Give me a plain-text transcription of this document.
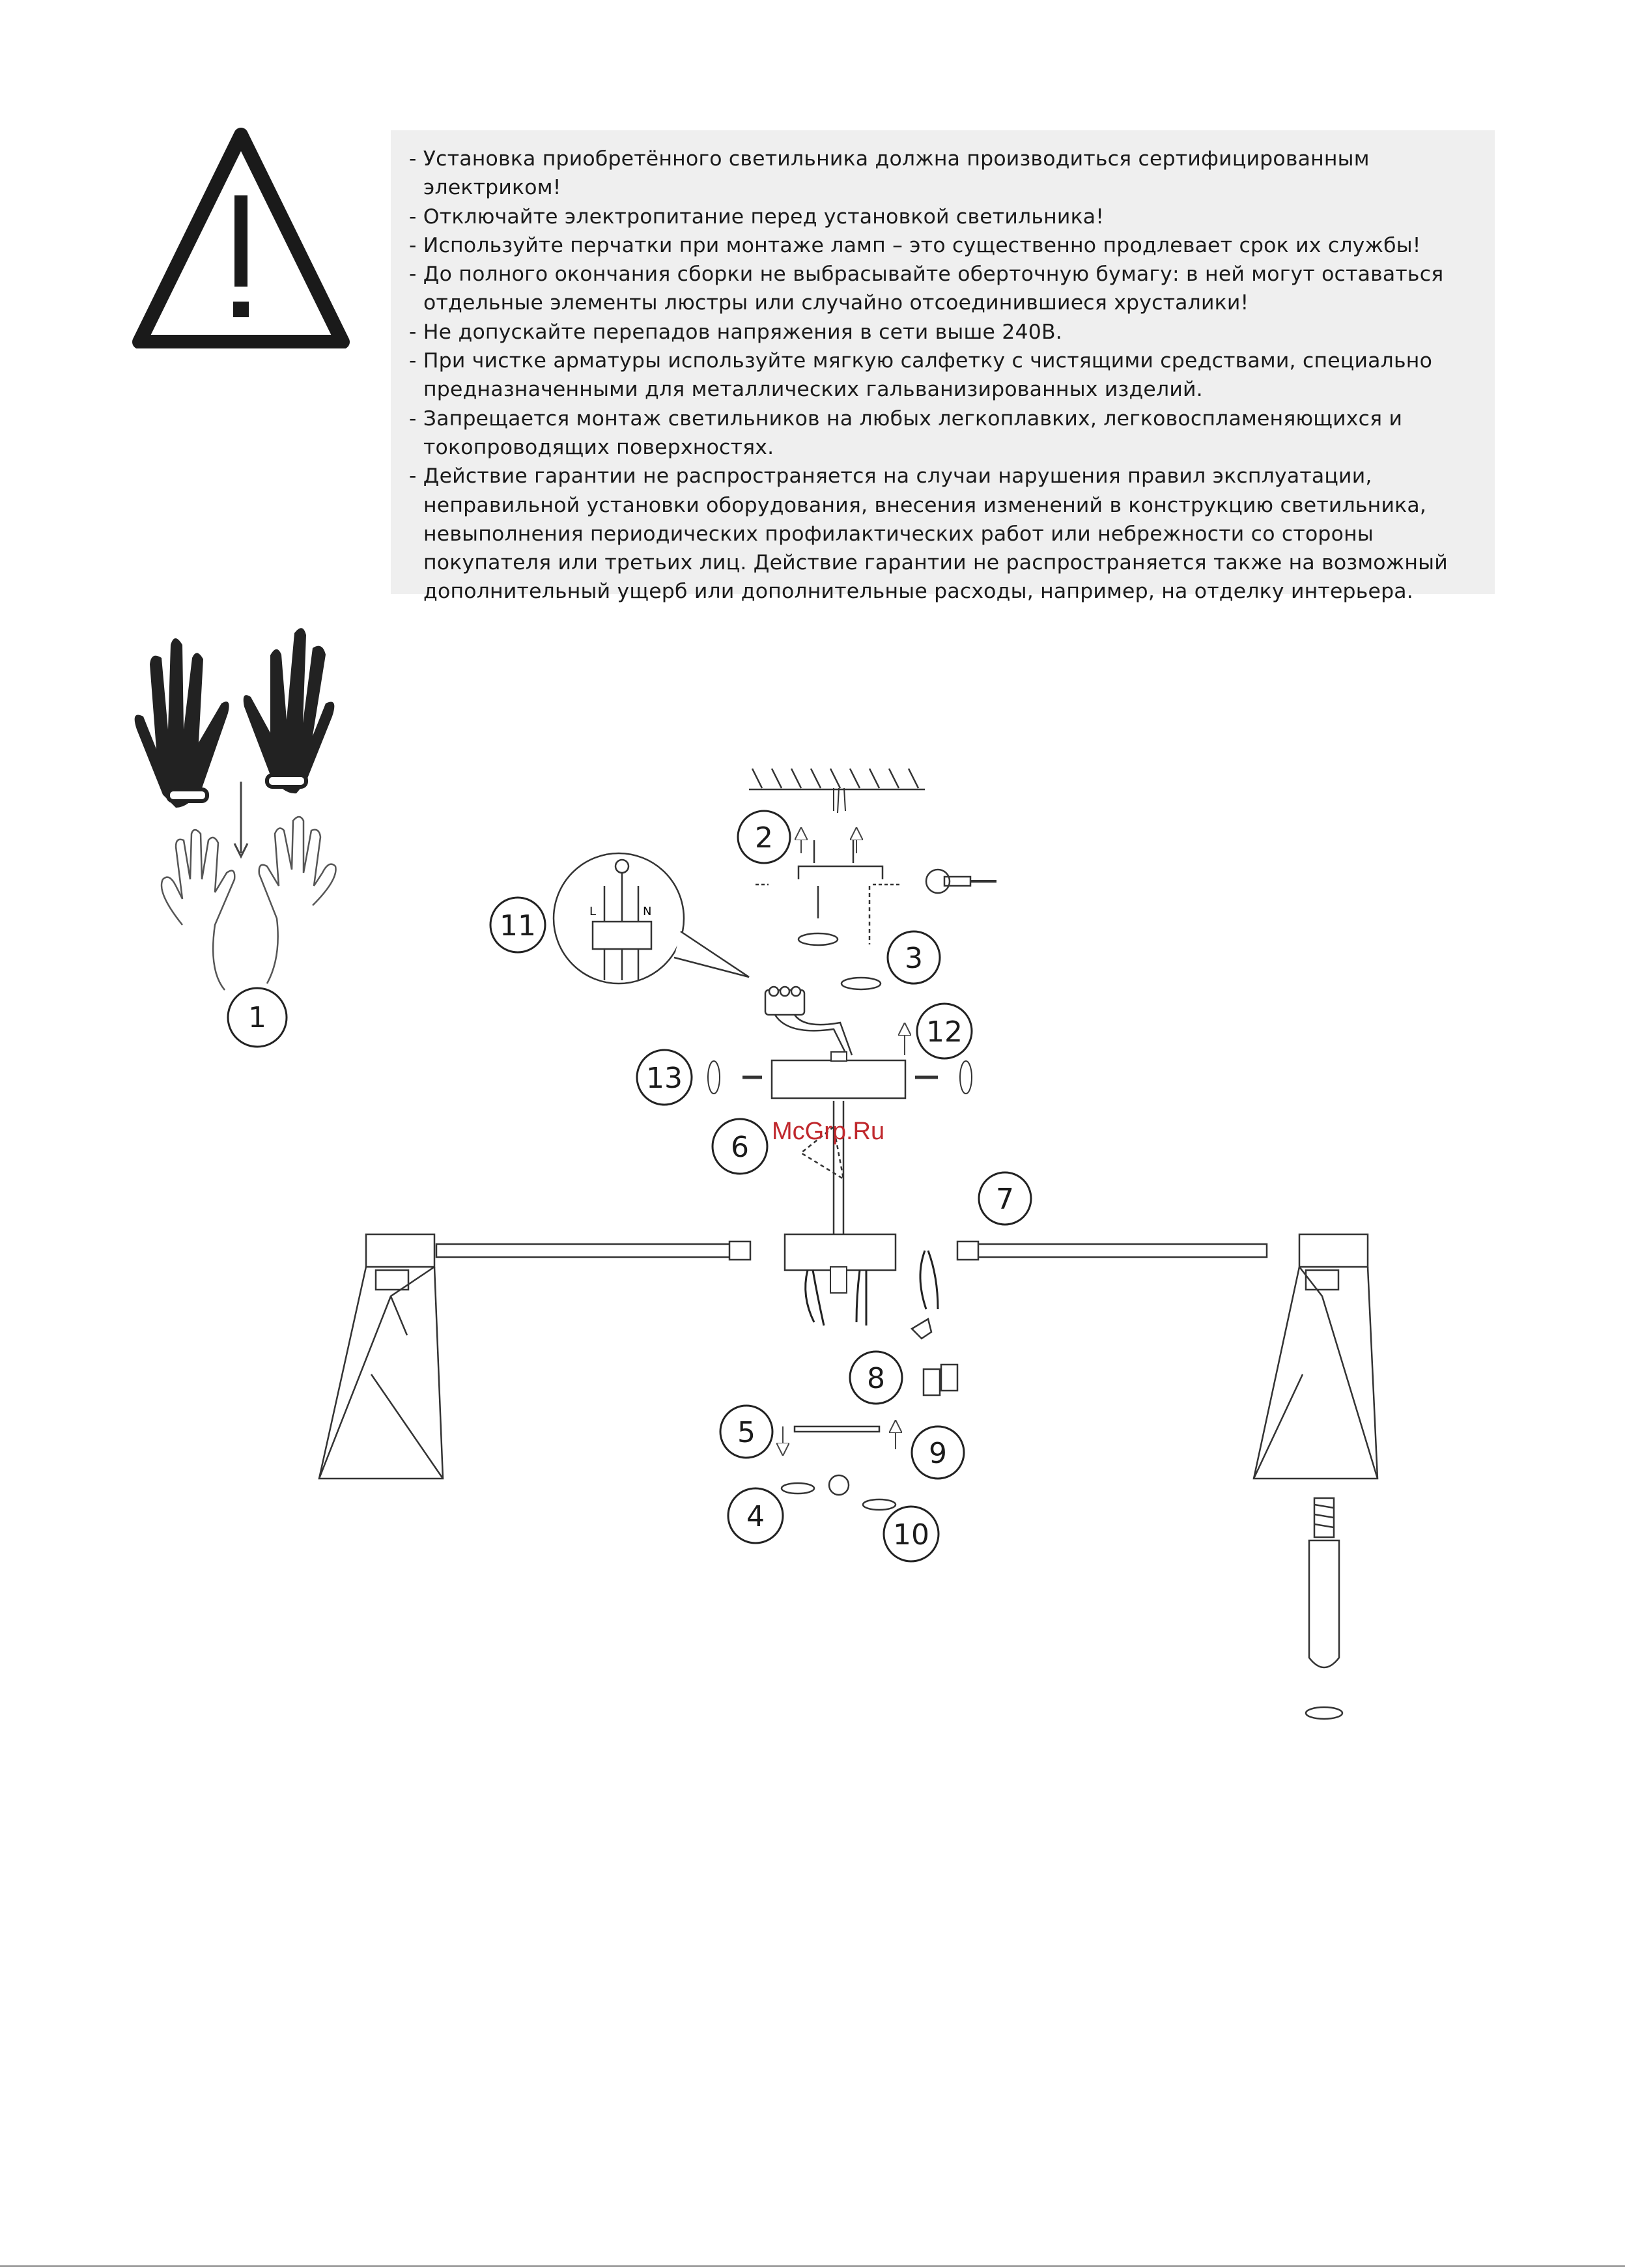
- Установка приобретённого светильника должна производиться сертифицированным электриком!
- Отключайте электропитание перед установкой светильника!
- Используйте перчатки при монтаже ламп – это существенно продлевает срок их службы!
- До полного окончания сборки не выбрасывайте оберточную бумагу: в ней могут оставаться отдельные элементы люстры или случайно отсоединившиеся хрусталики!
- Не допускайте перепадов напряжения в сети выше 240В.
- При чистке арматуры используйте мягкую салфетку с чистящими средствами, специально предназначенными для металлических гальванизированных изделий.
- Запрещается монтаж светильников на любых легкоплавких, легковоспламеняющихся и токопроводящих поверхностях.
- Действие гарантии не распространяется на случаи нарушения правил эксплуатации, неправильной установки оборудования, внесения изменений в конструкцию светильника, невыполнения периодических профилактических работ или небрежности со стороны покупателя или третьих лиц. Действие гарантии не распространяется также на возможный дополнительный ущерб или дополнительные расходы, например, на отделку интерьера.
1
L	N
2
3
4
5
6
7
8
9
10
11
12
13
McGrp.Ru
